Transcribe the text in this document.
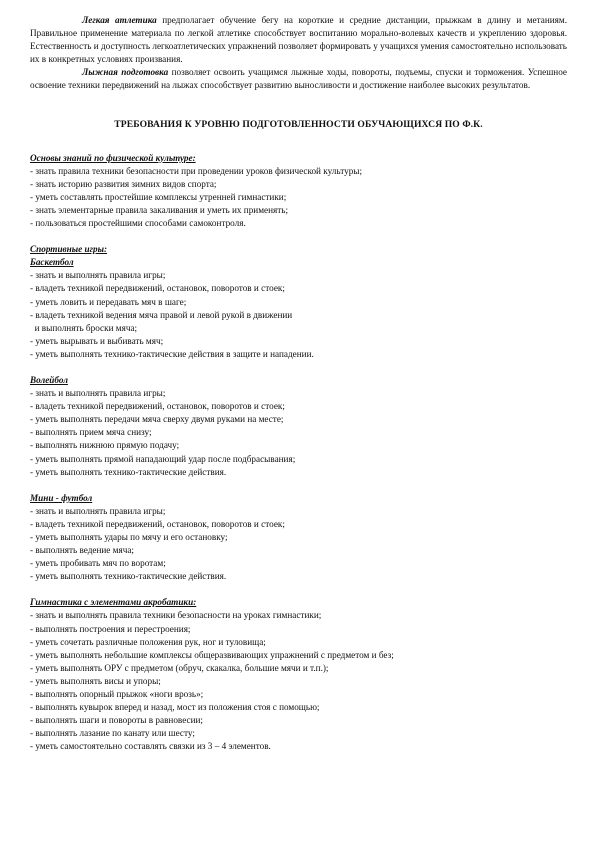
Легкая атлетика предполагает обучение бегу на короткие и средние дистанции, прыжкам в длину и метаниям. Правильное применение материала по легкой атлетике способствует воспитанию морально-волевых качеств и укреплению здоровья. Естественность и доступность легкоатлетических упражнений позволяет формировать у учащихся умения самостоятельно использовать их в конкретных условиях произвания.

Лыжная подготовка позволяет освоить учащимся лыжные ходы, повороты, подъемы, спуски и торможения. Успешное освоение техники передвижений на лыжах способствует развитию выносливости и достижение наиболее высоких результатов.

ТРЕБОВАНИЯ К УРОВНЮ ПОДГОТОВЛЕННОСТИ ОБУЧАЮЩИХСЯ ПО Ф.К.

Основы знаний по физической культуре:

- знать правила техники безопасности при проведении уроков физической культуры;

- знать историю развития зимних видов спорта;

- уметь составлять простейшие комплексы утренней гимнастики;

- знать элементарные правила закаливания и уметь их применять;

- пользоваться простейшими способами самоконтроля.

Спортивные игры:

Баскетбол

- знать и выполнять правила игры;

- владеть техникой передвижений, остановок, поворотов и стоек;

- уметь ловить и передавать мяч в шаге;

- владеть техникой ведения мяча правой и левой рукой в движении

и выполнять броски мяча;

- уметь вырывать и выбивать мяч;

- уметь выполнять технико-тактические действия в защите и нападении.

Волейбол

- знать и выполнять правила игры;

- владеть техникой передвижений, остановок, поворотов и стоек;

- уметь выполнять передачи мяча сверху двумя руками на месте;

- выполнять прием мяча снизу;

- выполнять нижнюю прямую подачу;

- уметь выполнять прямой нападающий удар после подбрасывания;

- уметь выполнять технико-тактические действия.

Мини - футбол

- знать и выполнять правила игры;

- владеть техникой передвижений, остановок, поворотов и стоек;

- уметь выполнять удары по мячу и его остановку;

- выполнять ведение мяча;

- уметь пробивать мяч по воротам;

- уметь выполнять технико-тактические действия.

Гимнастика с элементами акробатики:

- знать и выполнять правила техники безопасности на уроках гимнастики;

- выполнять построения и перестроения;

- уметь сочетать различные положения рук, ног и туловища;

- уметь выполнять небольшие комплексы общеразвивающих упражнений с предметом и без;

- уметь выполнять ОРУ с предметом (обруч, скакалка, большие мячи и т.п.);

- уметь выполнять висы и упоры;

- выполнять опорный прыжок «ноги врозь»;

- выполнять кувырок вперед и назад, мост из положения стоя с помощью;

- выполнять шаги и повороты в равновесии;

- выполнять лазание по канату или шесту;

- уметь самостоятельно составлять связки из 3 – 4 элементов.
